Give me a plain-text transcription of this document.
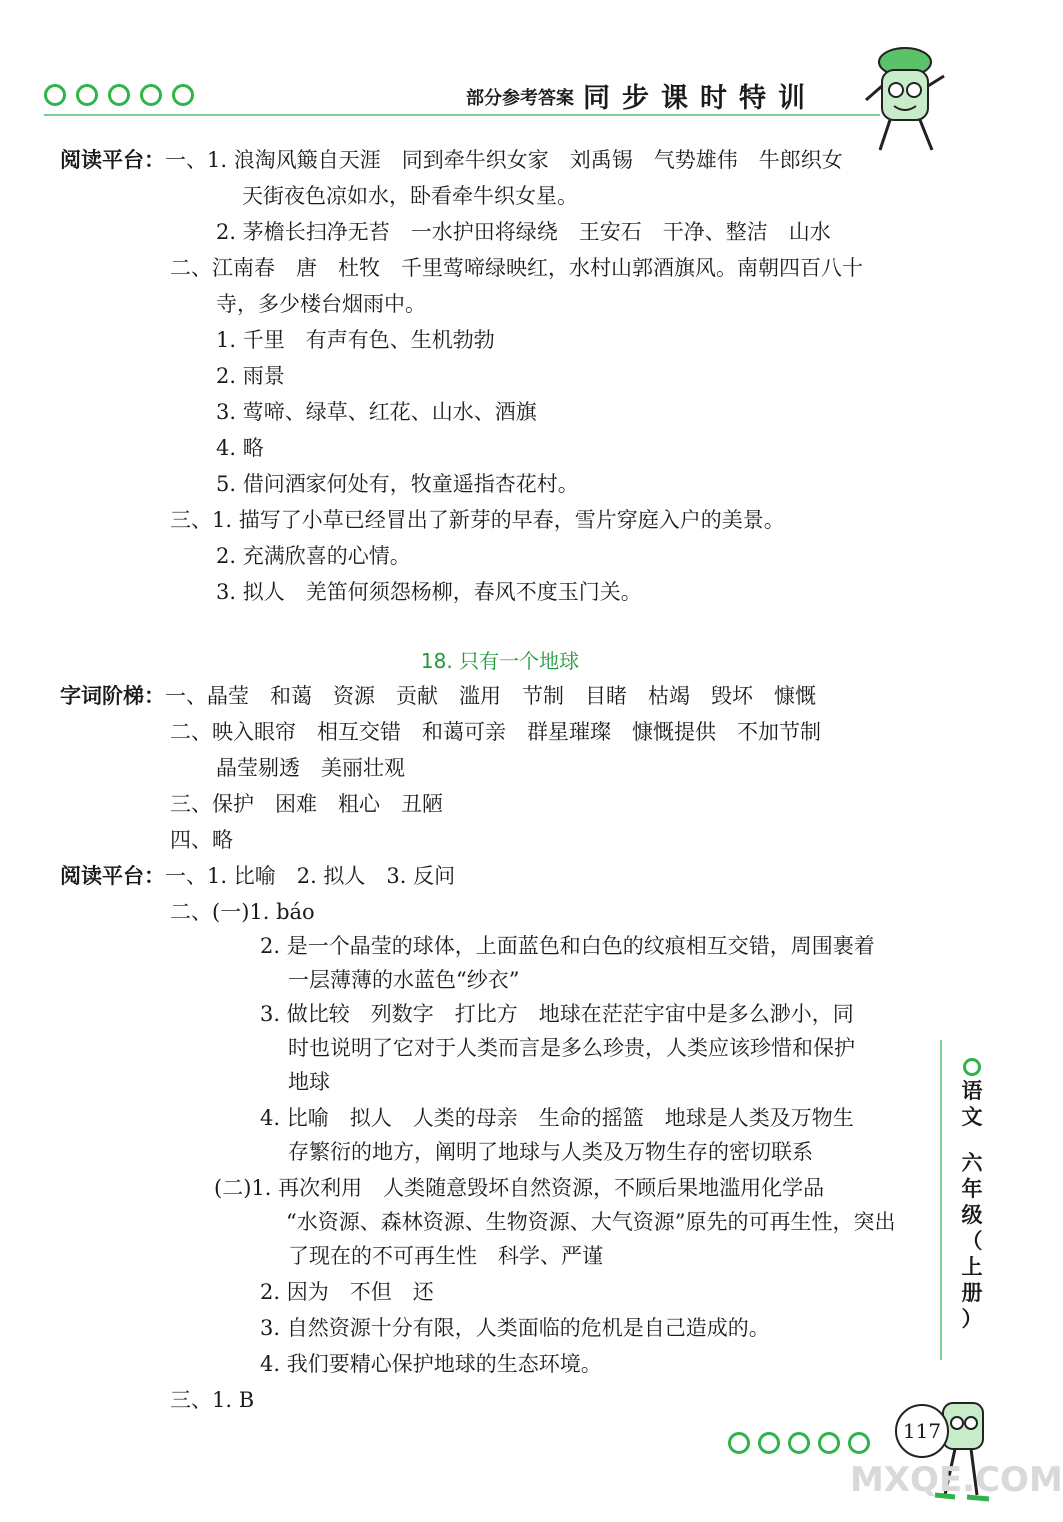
部分参考答案 同步课时特训
阅读平台：一、1. 浪淘风簸自天涯　同到牵牛织女家　刘禹锡　气势雄伟　牛郎织女
天街夜色凉如水，卧看牵牛织女星。
2. 茅檐长扫净无苔　一水护田将绿绕　王安石　干净、整洁　山水
二、江南春　唐　杜牧　千里莺啼绿映红，水村山郭酒旗风。南朝四百八十
寺，多少楼台烟雨中。
1. 千里　有声有色、生机勃勃
2. 雨景
3. 莺啼、绿草、红花、山水、酒旗
4. 略
5. 借问酒家何处有，牧童遥指杏花村。
三、1. 描写了小草已经冒出了新芽的早春，雪片穿庭入户的美景。
2. 充满欣喜的心情。
3. 拟人　羌笛何须怨杨柳，春风不度玉门关。
字词阶梯：一、晶莹　和蔼　资源　贡献　滥用　节制　目睹　枯竭　毁坏　慷慨
二、映入眼帘　相互交错　和蔼可亲　群星璀璨　慷慨提供　不加节制
晶莹剔透　美丽壮观
三、保护　困难　粗心　丑陋
四、略
阅读平台：一、1. 比喻　2. 拟人　3. 反问
二、(一)1. báo
2. 是一个晶莹的球体，上面蓝色和白色的纹痕相互交错，周围裹着
一层薄薄的水蓝色“纱衣”
3. 做比较　列数字　打比方　地球在茫茫宇宙中是多么渺小，同
时也说明了它对于人类而言是多么珍贵，人类应该珍惜和保护
地球
4. 比喻　拟人　人类的母亲　生命的摇篮　地球是人类及万物生
存繁衍的地方，阐明了地球与人类及万物生存的密切联系
(二)1. 再次利用　人类随意毁坏自然资源，不顾后果地滥用化学品
“水资源、森林资源、生物资源、大气资源”原先的可再生性，突出
了现在的不可再生性　科学、严谨
2. 因为　不但　还
3. 自然资源十分有限，人类面临的危机是自己造成的。
4. 我们要精心保护地球的生态环境。
三、1. B
18. 只有一个地球
语
文
六
年
级
（
上
册
）
117
MXQE.COM
